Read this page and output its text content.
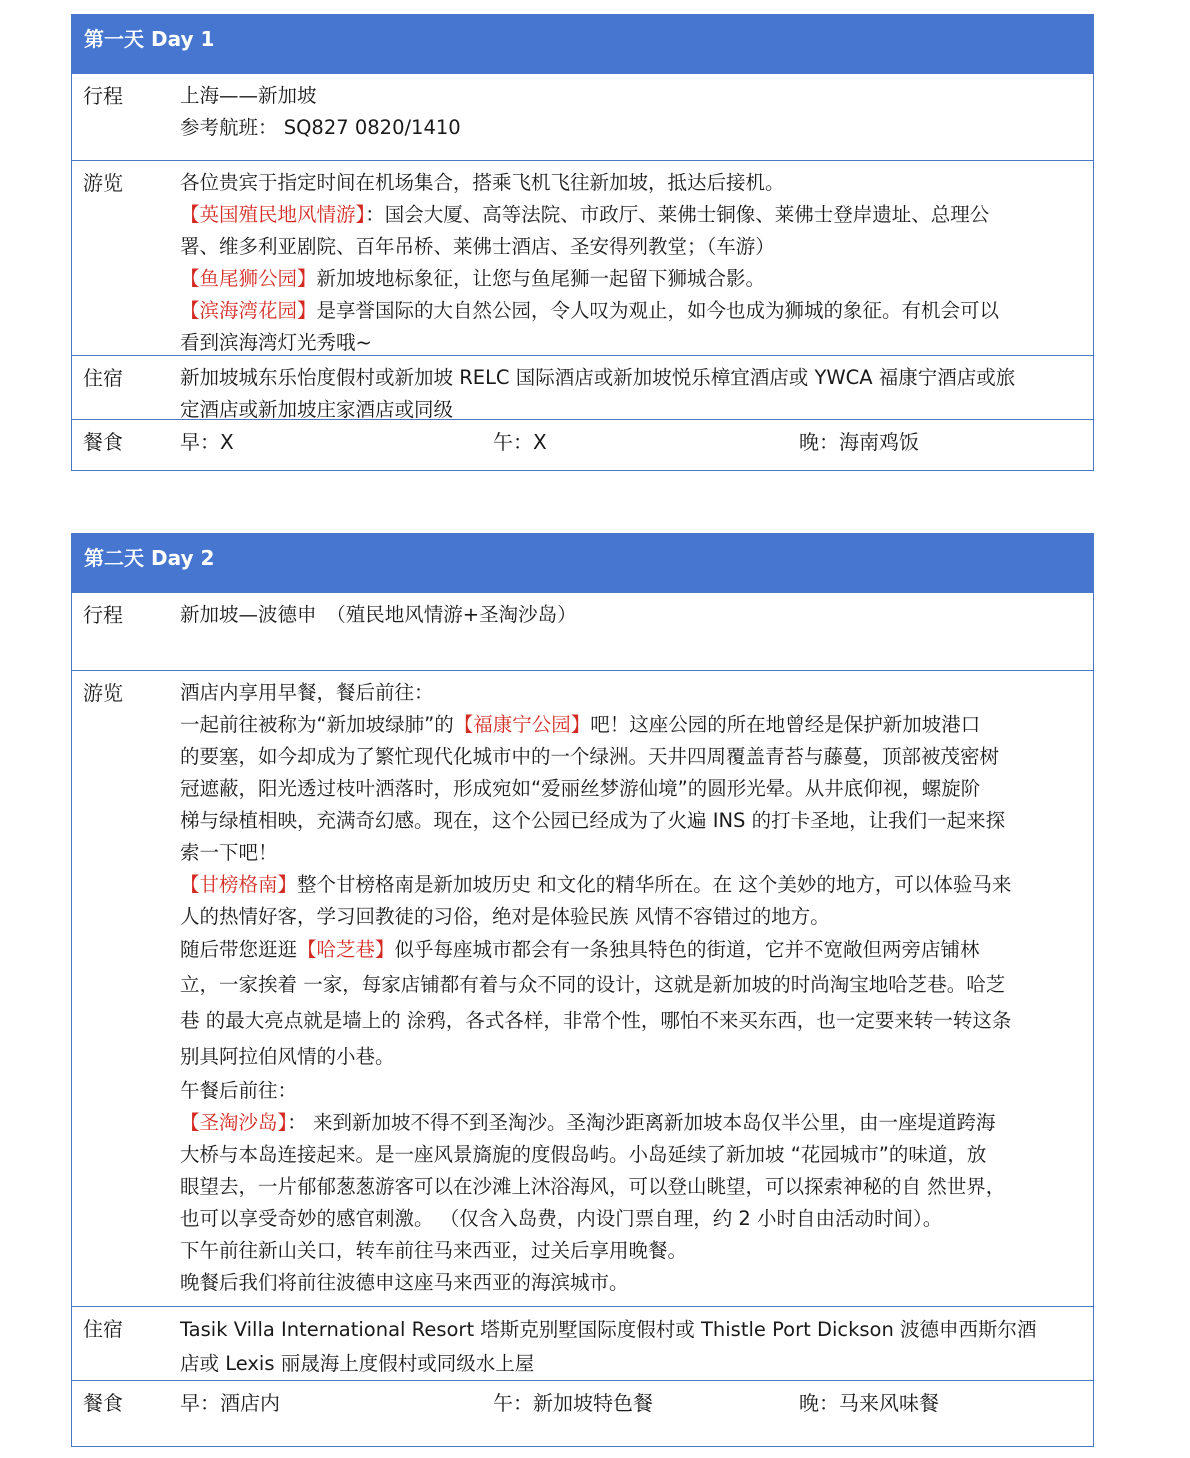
第一天 Day 1
行程	上海——新加坡
参考航班： SQ827 0820/1410
游览	各位贵宾于指定时间在机场集合，搭乘飞机飞往新加坡，抵达后接机。
【英国殖民地风情游】：国会大厦、高等法院、市政厅、莱佛士铜像、莱佛士登岸遗址、总理公
署、维多利亚剧院、百年吊桥、莱佛士酒店、圣安得列教堂；（车游）
【鱼尾狮公园】新加坡地标象征，让您与鱼尾狮一起留下狮城合影。
【滨海湾花园】是享誉国际的大自然公园，令人叹为观止，如今也成为狮城的象征。有机会可以
看到滨海湾灯光秀哦~
住宿	新加坡城东乐怡度假村或新加坡 RELC 国际酒店或新加坡悦乐樟宜酒店或 YWCA 福康宁酒店或旅
定酒店或新加坡庄家酒店或同级
餐食	早：X	午：X	晚：海南鸡饭
第二天 Day 2
行程	新加坡—波德申　（殖民地风情游+圣淘沙岛）
游览	酒店内享用早餐，餐后前往：
一起前往被称为“新加坡绿肺”的【福康宁公园】吧！这座公园的所在地曾经是保护新加坡港口
的要塞，如今却成为了繁忙现代化城市中的一个绿洲。天井四周覆盖青苔与藤蔓，顶部被茂密树
冠遮蔽，阳光透过枝叶洒落时，形成宛如“爱丽丝梦游仙境”的圆形光晕。从井底仰视，螺旋阶
梯与绿植相映，充满奇幻感。现在，这个公园已经成为了火遍 INS 的打卡圣地，让我们一起来探
索一下吧！
【甘榜格南】整个甘榜格南是新加坡历史 和文化的精华所在。在 这个美妙的地方，可以体验马来
人的热情好客，学习回教徒的习俗，绝对是体验民族 风情不容错过的地方。
随后带您逛逛【哈芝巷】似乎每座城市都会有一条独具特色的街道，它并不宽敞但两旁店铺林
立，一家挨着 一家，每家店铺都有着与众不同的设计，这就是新加坡的时尚淘宝地哈芝巷。哈芝
巷 的最大亮点就是墙上的 涂鸦，各式各样，非常个性，哪怕不来买东西，也一定要来转一转这条
别具阿拉伯风情的小巷。
午餐后前往：
【圣淘沙岛】： 来到新加坡不得不到圣淘沙。圣淘沙距离新加坡本岛仅半公里，由一座堤道跨海
大桥与本岛连接起来。是一座风景旖旎的度假岛屿。小岛延续了新加坡 “花园城市”的味道，放
眼望去，一片郁郁葱葱游客可以在沙滩上沐浴海风，可以登山眺望，可以探索神秘的自 然世界，
也可以享受奇妙的感官刺激。 （仅含入岛费，内设门票自理，约 2 小时自由活动时间）。
下午前往新山关口，转车前往马来西亚，过关后享用晚餐。
晚餐后我们将前往波德申这座马来西亚的海滨城市。
住宿	Tasik Villa International Resort 塔斯克别墅国际度假村或 Thistle Port Dickson 波德申西斯尔酒
店或 Lexis 丽晟海上度假村或同级水上屋
餐食	早：酒店内	午：新加坡特色餐	晚：马来风味餐
